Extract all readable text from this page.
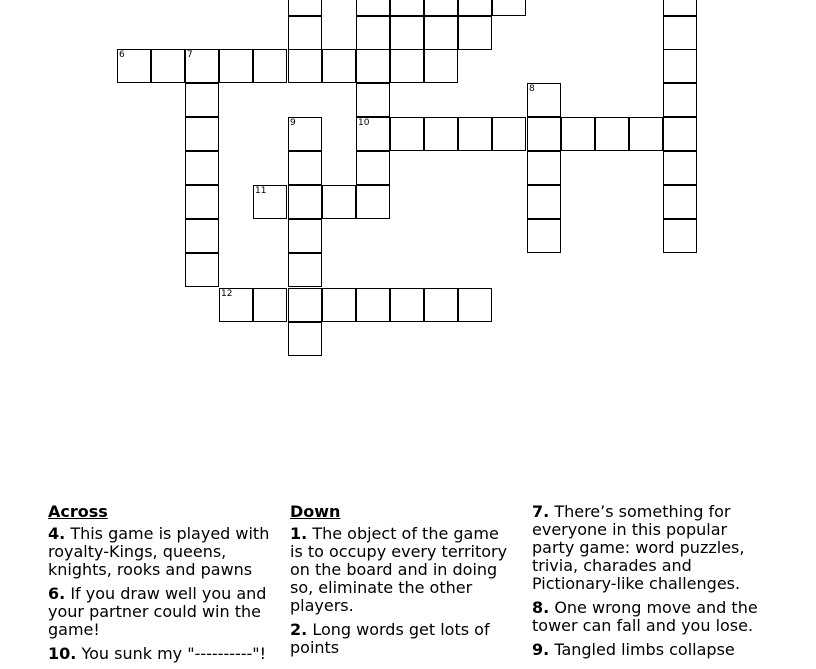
6	7
8
9	10
11
12
Across
4. This game is played with royalty-Kings, queens, knights, rooks and pawns
6. If you draw well you and your partner could win the game!
10. You sunk my "----------"!
Down
1. The object of the game is to occupy every territory on the board and in doing so, eliminate the other players.
2. Long words get lots of points
7. There’s something for everyone in this popular party game: word puzzles, trivia, charades and Pictionary-like challenges.
8. One wrong move and the tower can fall and you lose.
9. Tangled limbs collapse
